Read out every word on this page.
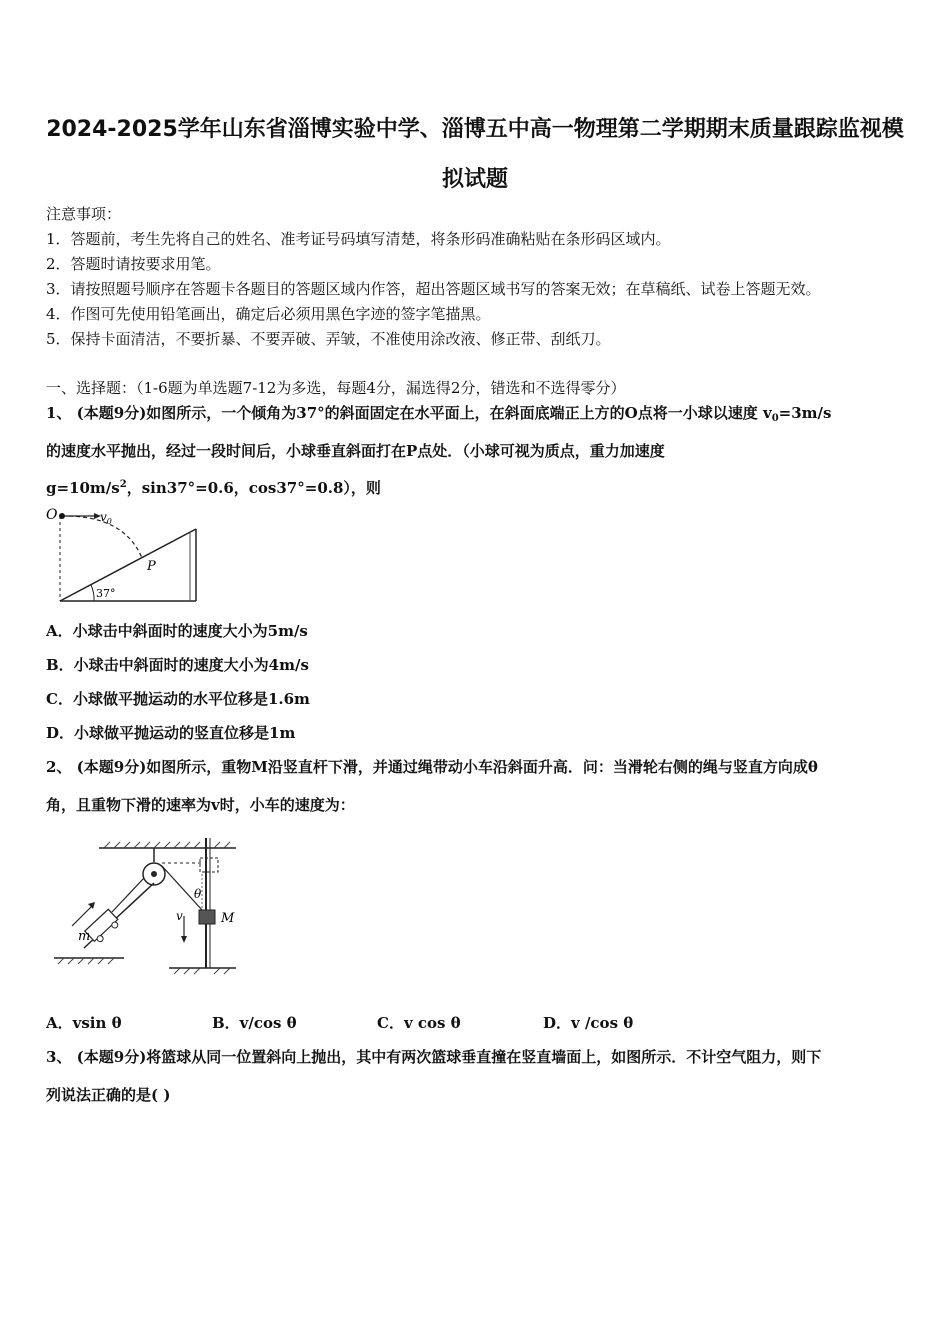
2024-2025学年山东省淄博实验中学、淄博五中高一物理第二学期期末质量跟踪监视模
拟试题
注意事项：
1．答题前，考生先将自己的姓名、准考证号码填写清楚，将条形码准确粘贴在条形码区域内。
2．答题时请按要求用笔。
3．请按照题号顺序在答题卡各题目的答题区域内作答，超出答题区域书写的答案无效；在草稿纸、试卷上答题无效。
4．作图可先使用铅笔画出，确定后必须用黑色字迹的签字笔描黑。
5．保持卡面清洁，不要折暴、不要弄破、弄皱，不准使用涂改液、修正带、刮纸刀。
一、选择题：（1-6题为单选题7-12为多选，每题4分，漏选得2分，错选和不选得零分）
1、 (本题9分)如图所示，一个倾角为37°的斜面固定在水平面上，在斜面底端正上方的O点将一小球以速度 $v_0=3m/s$
的速度水平抛出，经过一段时间后，小球垂直斜面打在P点处．（小球可视为质点，重力加速度
$g=10m/s^2$，sin37°=0.6，cos37°=0.8），则
O	$v_0$
P
37°
A．小球击中斜面时的速度大小为5m/s
B．小球击中斜面时的速度大小为4m/s
C．小球做平抛运动的水平位移是1.6m
D．小球做平抛运动的竖直位移是1m
2、 (本题9分)如图所示，重物M沿竖直杆下滑，并通过绳带动小车沿斜面升高．问：当滑轮右侧的绳与竖直方向成θ
角，且重物下滑的速率为v时，小车的速度为：
m
M
v
θ
A．vsin θ	B．v/cos θ	C．v cos θ	D．v /cos θ
3、 (本题9分)将篮球从同一位置斜向上抛出，其中有两次篮球垂直撞在竖直墙面上，如图所示．不计空气阻力，则下
列说法正确的是( )
